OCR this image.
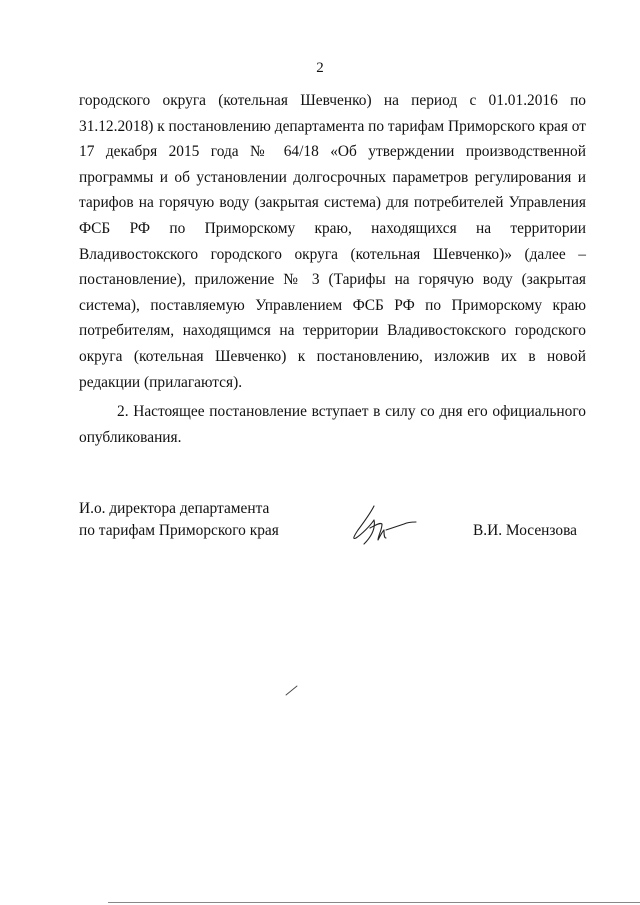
2
городского округа (котельная Шевченко) на период с 01.01.2016 по
31.12.2018) к постановлению департамента по тарифам Приморского края от
17 декабря 2015 года № 64/18 «Об утверждении производственной
программы и об установлении долгосрочных параметров регулирования и
тарифов на горячую воду (закрытая система) для потребителей Управления
ФСБ РФ по Приморскому краю, находящихся на территории
Владивостокского городского округа (котельная Шевченко)» (далее –
постановление), приложение № 3 (Тарифы на горячую воду (закрытая
система), поставляемую Управлением ФСБ РФ по Приморскому краю
потребителям, находящимся на территории Владивостокского городского
округа (котельная Шевченко) к постановлению, изложив их в новой
редакции (прилагаются).
2. Настоящее постановление вступает в силу со дня его официального
опубликования.
И.о. директора департамента
по тарифам Приморского края	В.И. Мосензова
